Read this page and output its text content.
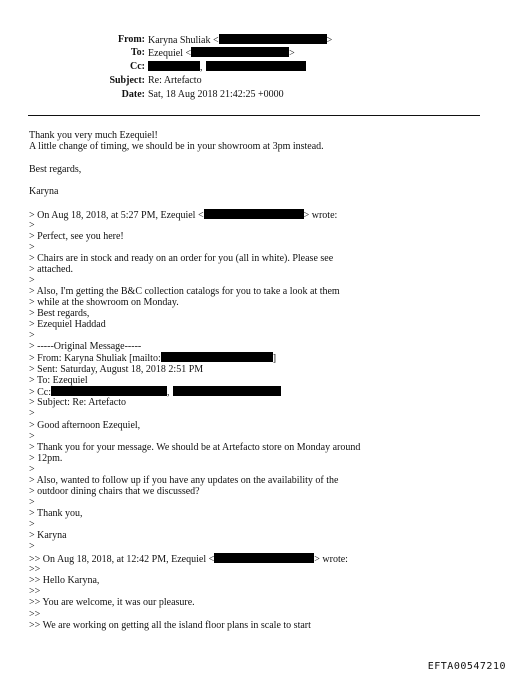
From: Karyna Shuliak <	>
To: Ezequiel <	>
Cc:	,
Subject: Re: Artefacto
Date: Sat, 18 Aug 2018 21:42:25 +0000
Thank you very much Ezequiel!
A little change of timing, we should be in your showroom at 3pm instead.
Best regards,
Karyna
> On Aug 18, 2018, at 5:27 PM, Ezequiel <	> wrote:
>
> Perfect, see you here!
>
> Chairs are in stock and ready on an order for you (all in white). Please see
> attached.
>
> Also, I'm getting the B&C collection catalogs for you to take a look at them
> while at the showroom on Monday.
> Best regards,
> Ezequiel Haddad
>
> -----Original Message-----
> From: Karyna Shuliak [mailto:	]
> Sent: Saturday, August 18, 2018 2:51 PM
> To: Ezequiel
> Cc:	,
> Subject: Re: Artefacto
>
> Good afternoon Ezequiel,
>
> Thank you for your message. We should be at Artefacto store on Monday around
> 12pm.
>
> Also, wanted to follow up if you have any updates on the availability of the
> outdoor dining chairs that we discussed?
>
> Thank you,
>
> Karyna
>
>> On Aug 18, 2018, at 12:42 PM, Ezequiel <	> wrote:
>>
>> Hello Karyna,
>>
>> You are welcome, it was our pleasure.
>>
>> We are working on getting all the island floor plans in scale to start
EFTA00547210
